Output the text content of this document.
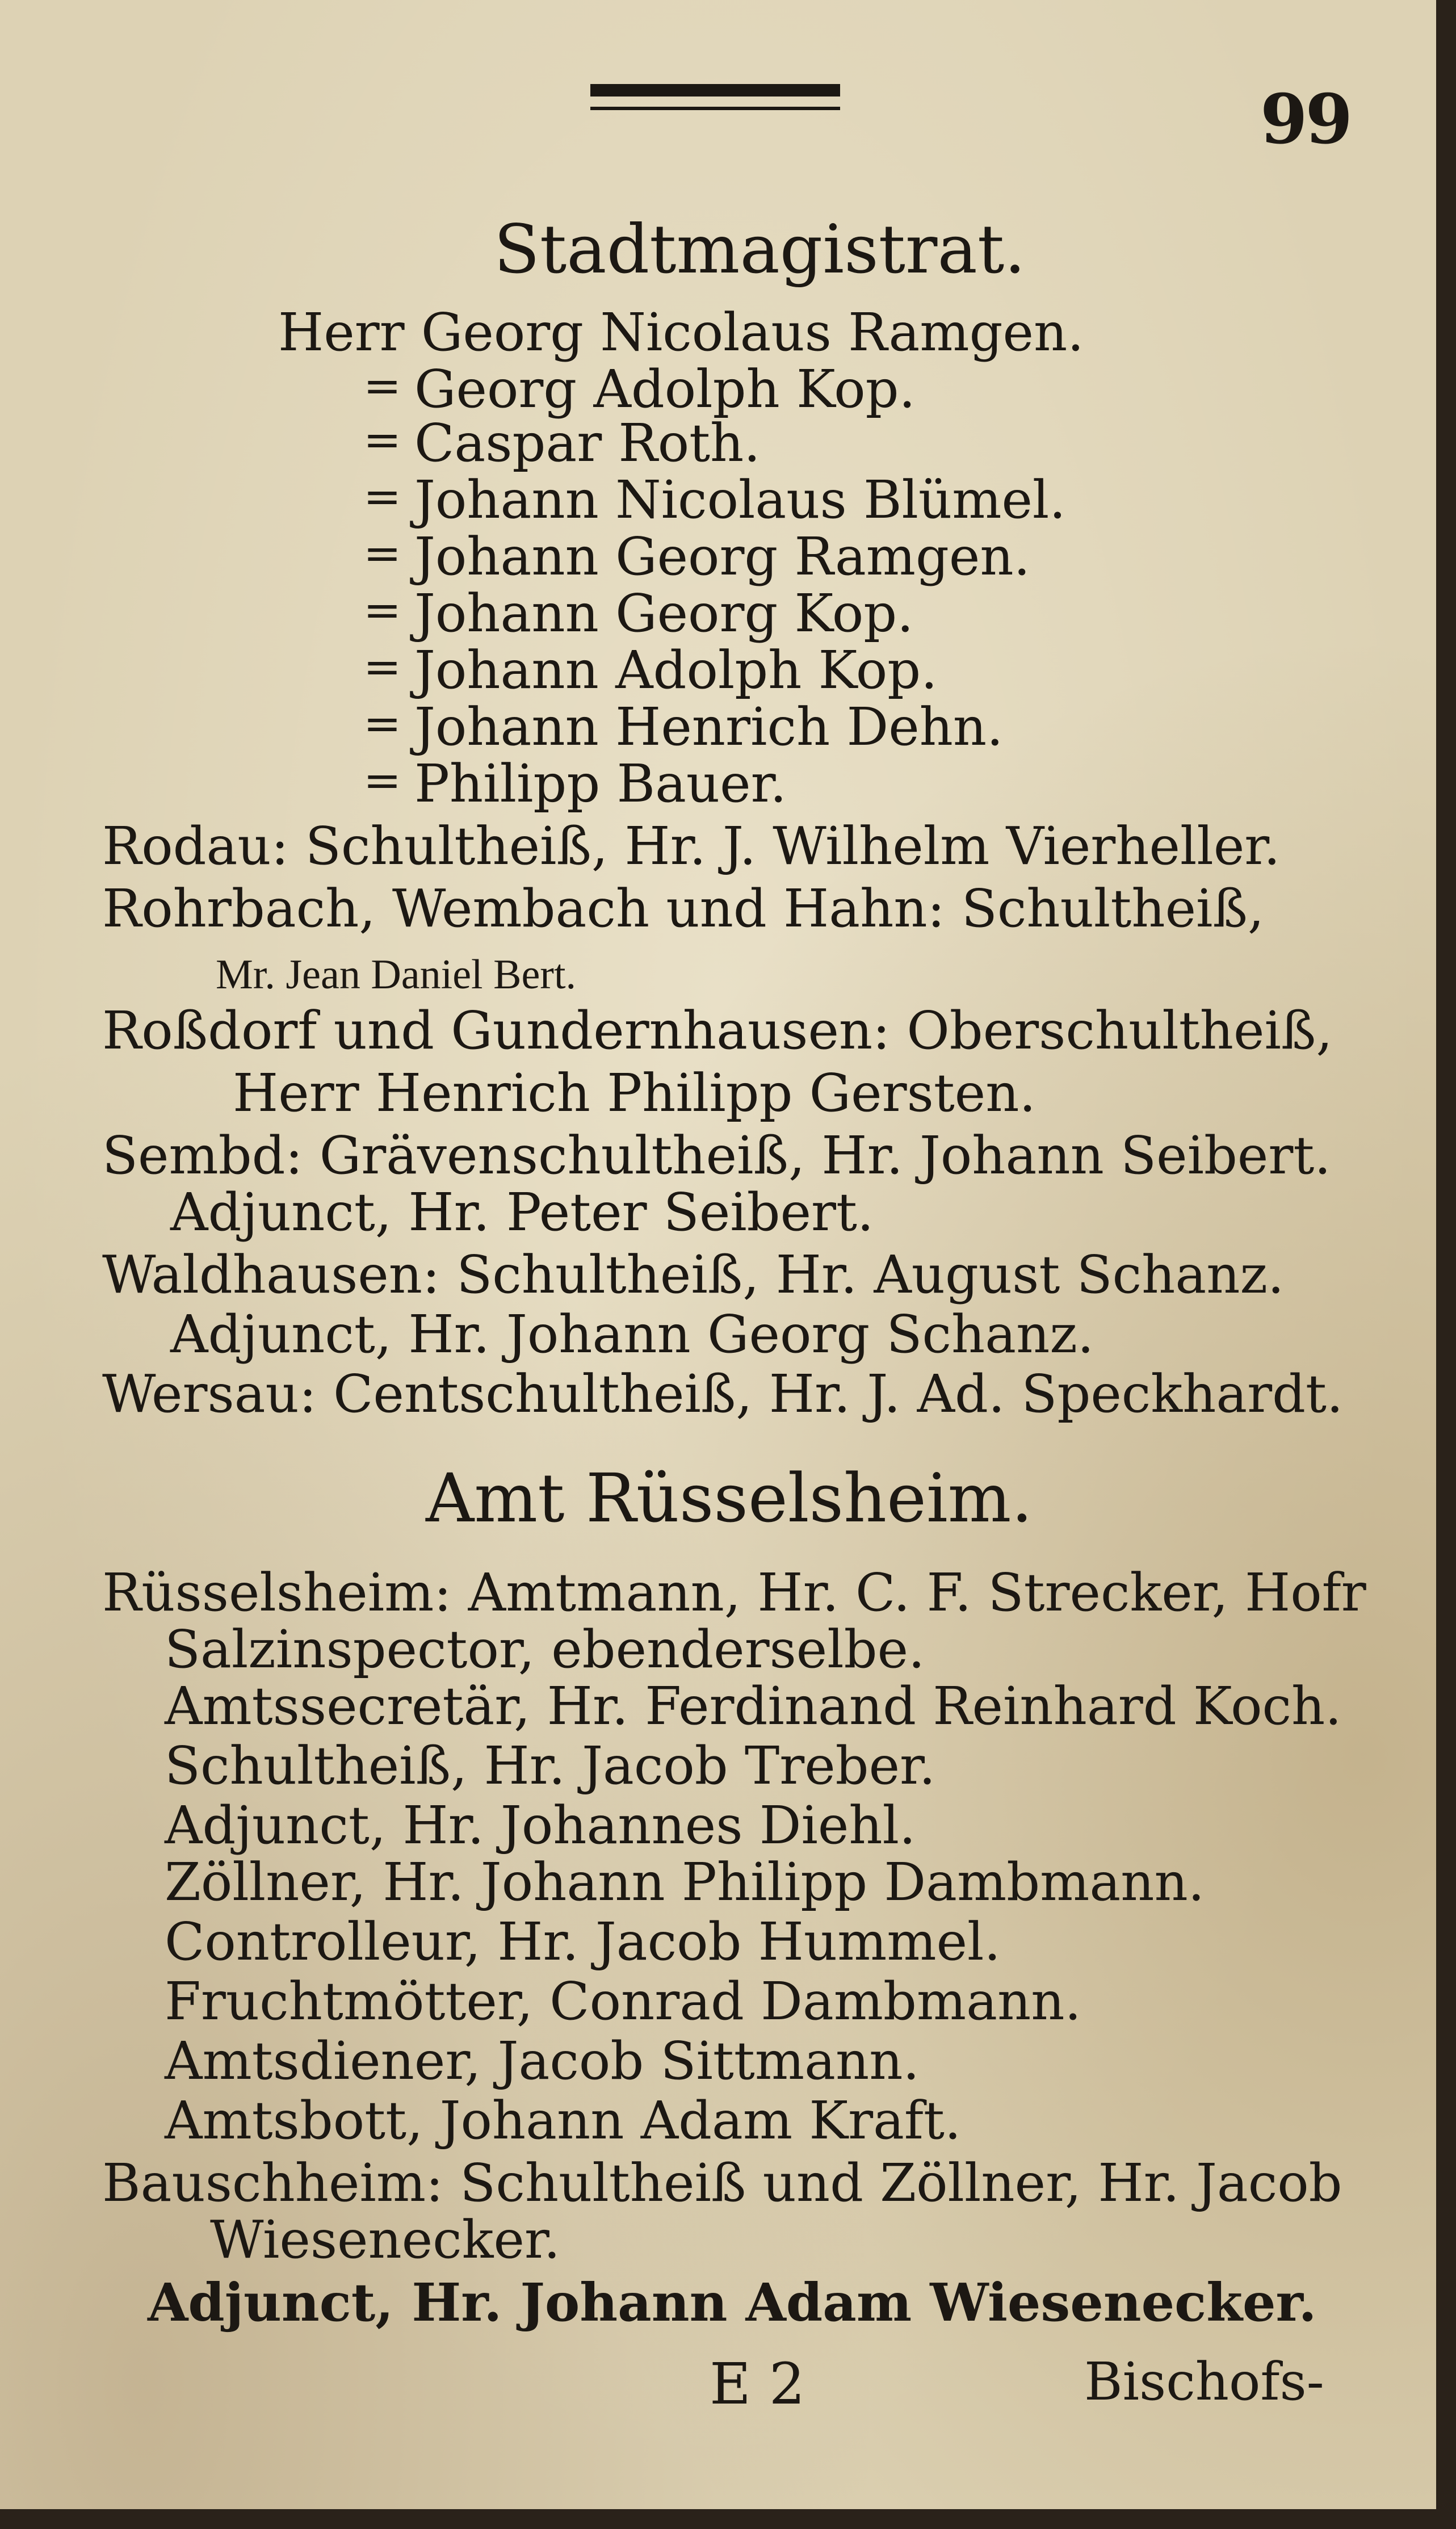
99
Stadtmagistrat.
Herr Georg Nicolaus Ramgen.
= Georg Adolph Kop.
= Caspar Roth.
= Johann Nicolaus Blümel.
= Johann Georg Ramgen.
= Johann Georg Kop.
= Johann Adolph Kop.
= Johann Henrich Dehn.
= Philipp Bauer.
Rodau: Schultheiß, Hr. J. Wilhelm Vierheller.
Rohrbach, Wembach und Hahn: Schultheiß,
Mr. Jean Daniel Bert.
Roßdorf und Gundernhausen: Oberschultheiß,
Herr Henrich Philipp Gersten.
Sembd: Grävenschultheiß, Hr. Johann Seibert.
Adjunct, Hr. Peter Seibert.
Waldhausen: Schultheiß, Hr. August Schanz.
Adjunct, Hr. Johann Georg Schanz.
Wersau: Centschultheiß, Hr. J. Ad. Speckhardt.
Amt Rüsselsheim.
Rüsselsheim: Amtmann, Hr. C. F. Strecker, Hofr
Salzinspector, ebenderselbe.
Amtssecretär, Hr. Ferdinand Reinhard Koch.
Schultheiß, Hr. Jacob Treber.
Adjunct, Hr. Johannes Diehl.
Zöllner, Hr. Johann Philipp Dambmann.
Controlleur, Hr. Jacob Hummel.
Fruchtmötter, Conrad Dambmann.
Amtsdiener, Jacob Sittmann.
Amtsbott, Johann Adam Kraft.
Bauschheim: Schultheiß und Zöllner, Hr. Jacob
Wiesenecker.
Adjunct, Hr. Johann Adam Wiesenecker.
E 2	Bischofs-
